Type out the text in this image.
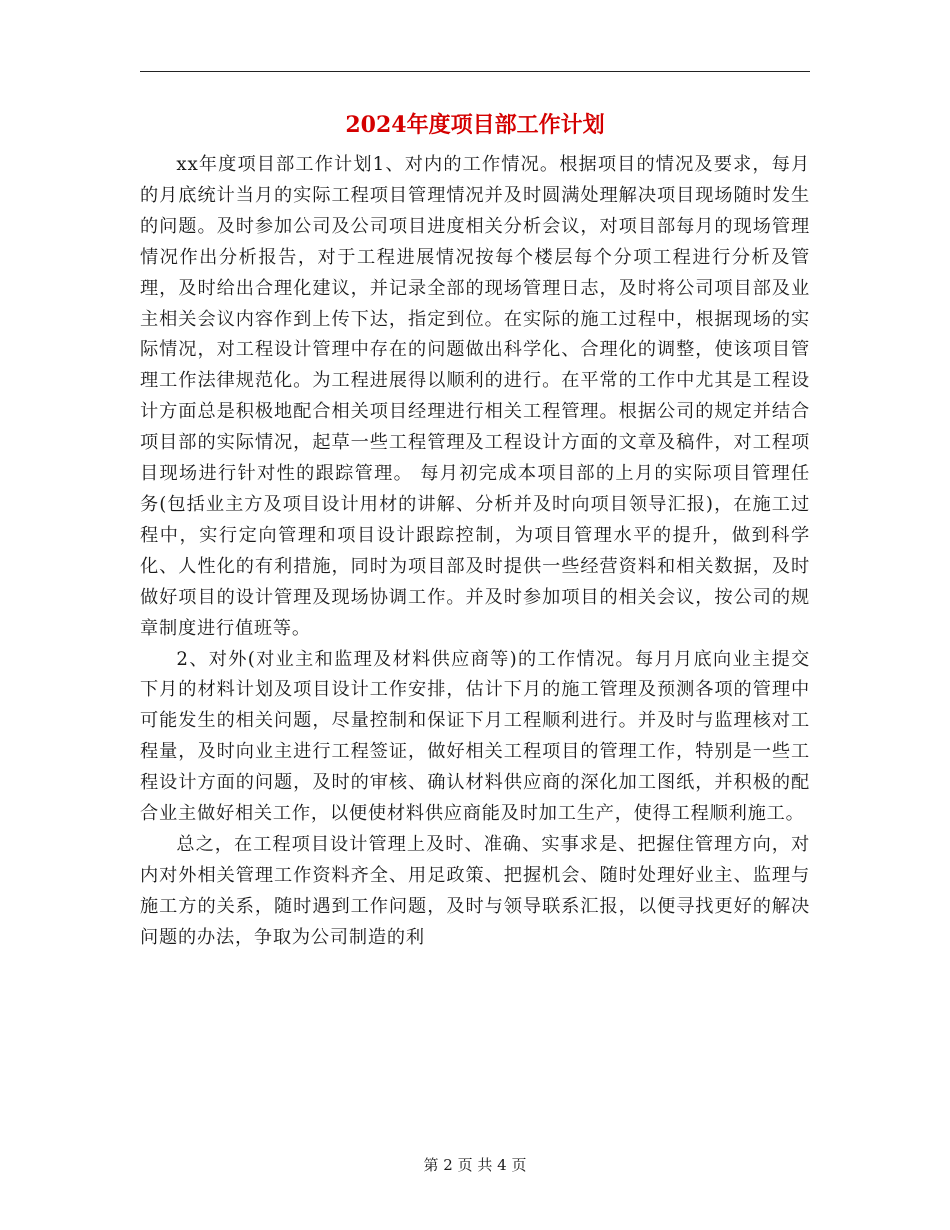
2024年度项目部工作计划

xx年度项目部工作计划1、对内的工作情况。根据项目的情况及要求，每月的月底统计当月的实际工程项目管理情况并及时圆满处理解决项目现场随时发生的问题。及时参加公司及公司项目进度相关分析会议，对项目部每月的现场管理情况作出分析报告，对于工程进展情况按每个楼层每个分项工程进行分析及管理，及时给出合理化建议，并记录全部的现场管理日志，及时将公司项目部及业主相关会议内容作到上传下达，指定到位。在实际的施工过程中，根据现场的实际情况，对工程设计管理中存在的问题做出科学化、合理化的调整，使该项目管理工作法律规范化。为工程进展得以顺利的进行。在平常的工作中尤其是工程设计方面总是积极地配合相关项目经理进行相关工程管理。根据公司的规定并结合项目部的实际情况，起草一些工程管理及工程设计方面的文章及稿件，对工程项目现场进行针对性的跟踪管理。 每月初完成本项目部的上月的实际项目管理任务(包括业主方及项目设计用材的讲解、分析并及时向项目领导汇报)，在施工过程中，实行定向管理和项目设计跟踪控制，为项目管理水平的提升，做到科学化、人性化的有利措施，同时为项目部及时提供一些经营资料和相关数据，及时做好项目的设计管理及现场协调工作。并及时参加项目的相关会议，按公司的规章制度进行值班等。

2、对外(对业主和监理及材料供应商等)的工作情况。每月月底向业主提交下月的材料计划及项目设计工作安排，估计下月的施工管理及预测各项的管理中可能发生的相关问题，尽量控制和保证下月工程顺利进行。并及时与监理核对工程量，及时向业主进行工程签证，做好相关工程项目的管理工作，特别是一些工程设计方面的问题，及时的审核、确认材料供应商的深化加工图纸，并积极的配合业主做好相关工作，以便使材料供应商能及时加工生产，使得工程顺利施工。

总之，在工程项目设计管理上及时、准确、实事求是、把握住管理方向，对内对外相关管理工作资料齐全、用足政策、把握机会、随时处理好业主、监理与施工方的关系，随时遇到工作问题，及时与领导联系汇报，以便寻找更好的解决问题的办法，争取为公司制造的利

第 2 页 共 4 页
